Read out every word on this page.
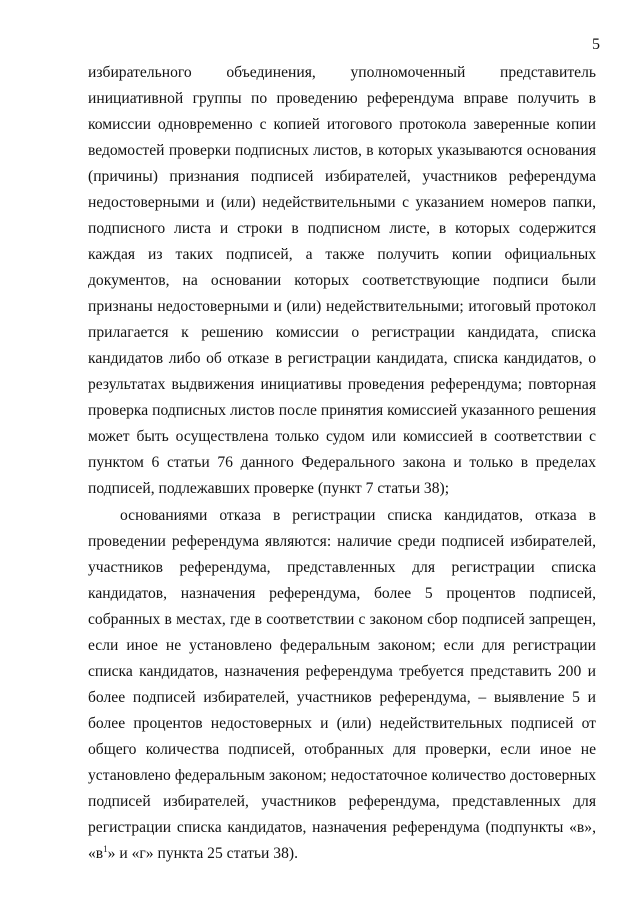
5
избирательного объединения, уполномоченный представитель
инициативной группы по проведению референдума вправе получить в
комиссии одновременно с копией итогового протокола заверенные копии
ведомостей проверки подписных листов, в которых указываются основания
(причины) признания подписей избирателей, участников референдума
недостоверными и (или) недействительными с указанием номеров папки,
подписного листа и строки в подписном листе, в которых содержится
каждая из таких подписей, а также получить копии официальных
документов, на основании которых соответствующие подписи были
признаны недостоверными и (или) недействительными; итоговый протокол
прилагается к решению комиссии о регистрации кандидата, списка
кандидатов либо об отказе в регистрации кандидата, списка кандидатов, о
результатах выдвижения инициативы проведения референдума; повторная
проверка подписных листов после принятия комиссией указанного решения
может быть осуществлена только судом или комиссией в соответствии с
пунктом 6 статьи 76 данного Федерального закона и только в пределах
подписей, подлежавших проверке (пункт 7 статьи 38);
основаниями отказа в регистрации списка кандидатов, отказа в
проведении референдума являются: наличие среди подписей избирателей,
участников референдума, представленных для регистрации списка
кандидатов, назначения референдума, более 5 процентов подписей,
собранных в местах, где в соответствии с законом сбор подписей запрещен,
если иное не установлено федеральным законом; если для регистрации
списка кандидатов, назначения референдума требуется представить 200 и
более подписей избирателей, участников референдума, – выявление 5 и
более процентов недостоверных и (или) недействительных подписей от
общего количества подписей, отобранных для проверки, если иное не
установлено федеральным законом; недостаточное количество достоверных
подписей избирателей, участников референдума, представленных для
регистрации списка кандидатов, назначения референдума (подпункты «в»,
«$в^1$» и «г» пункта 25 статьи 38).
